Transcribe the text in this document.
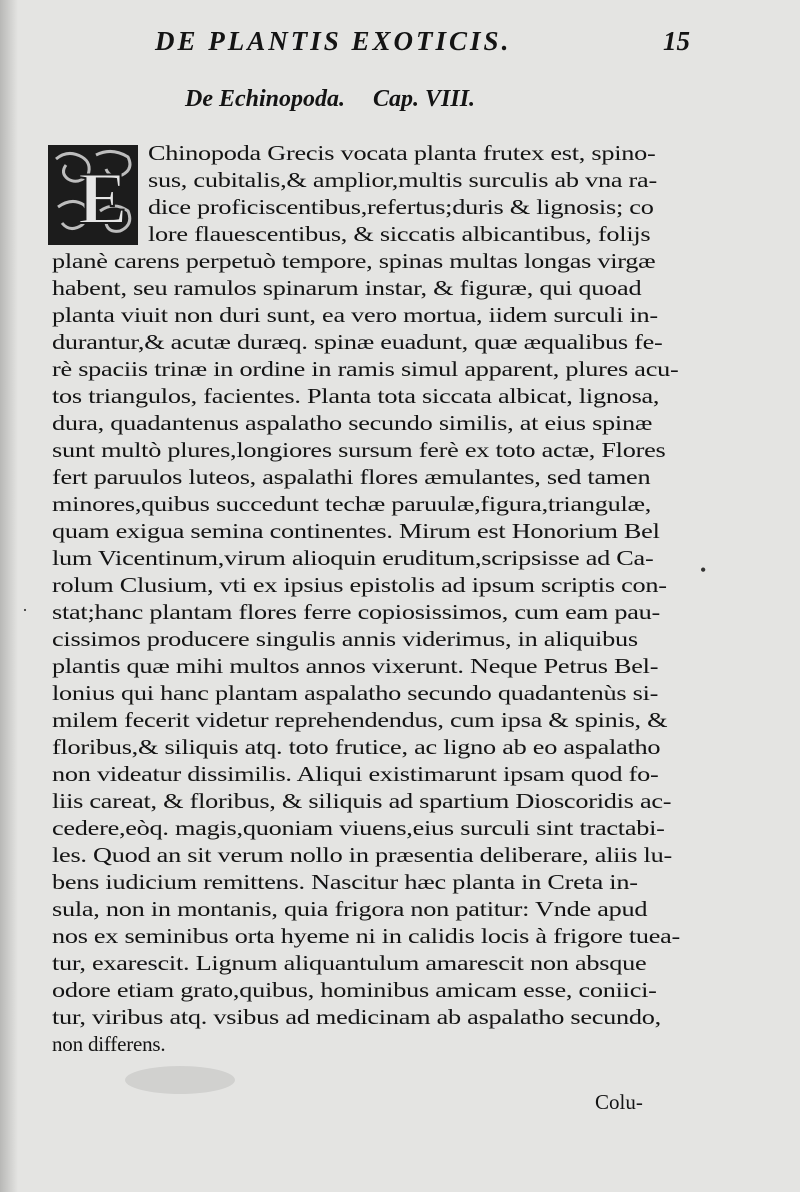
DE PLANTIS EXOTICIS.	15
De Echinopoda. Cap. VIII.
E
Chinopoda Grecis vocata planta frutex est, spino-
sus, cubitalis,& amplior,multis surculis ab vna ra-
dice proficiscentibus,refertus;duris & lignosis; co
lore flauescentibus, & siccatis albicantibus, folijs
planè carens perpetuò tempore, spinas multas longas virgæ
habent, seu ramulos spinarum instar, & figuræ, qui quoad
planta viuit non duri sunt, ea vero mortua, iidem surculi in-
durantur,& acutæ duræq. spinæ euadunt, quæ æqualibus fe-
rè spaciis trinæ in ordine in ramis simul apparent, plures acu-
tos triangulos, facientes. Planta tota siccata albicat, lignosa,
dura, quadantenus aspalatho secundo similis, at eius spinæ
sunt multò plures,longiores sursum ferè ex toto actæ, Flores
fert paruulos luteos, aspalathi flores æmulantes, sed tamen
minores,quibus succedunt techæ paruulæ,figura,triangulæ,
quam exigua semina continentes. Mirum est Honorium Bel
lum Vicentinum,virum alioquin eruditum,scripsisse ad Ca-
rolum Clusium, vti ex ipsius epistolis ad ipsum scriptis con-
stat;hanc plantam flores ferre copiosissimos, cum eam pau-
cissimos producere singulis annis viderimus, in aliquibus
plantis quæ mihi multos annos vixerunt. Neque Petrus Bel-
lonius qui hanc plantam aspalatho secundo quadantenùs si-
milem fecerit videtur reprehendendus, cum ipsa & spinis, &
floribus,& siliquis atq. toto frutice, ac ligno ab eo aspalatho
non videatur dissimilis. Aliqui existimarunt ipsam quod fo-
liis careat, & floribus, & siliquis ad spartium Dioscoridis ac-
cedere,eòq. magis,quoniam viuens,eius surculi sint tractabi-
les. Quod an sit verum nollo in præsentia deliberare, aliis lu-
bens iudicium remittens. Nascitur hæc planta in Creta in-
sula, non in montanis, quia frigora non patitur: Vnde apud
nos ex seminibus orta hyeme ni in calidis locis à frigore tuea-
tur, exarescit. Lignum aliquantulum amarescit non absque
odore etiam grato,quibus, hominibus amicam esse, coniici-
tur, viribus atq. vsibus ad medicinam ab aspalatho secundo,
non differens.
Colu-
•
·
